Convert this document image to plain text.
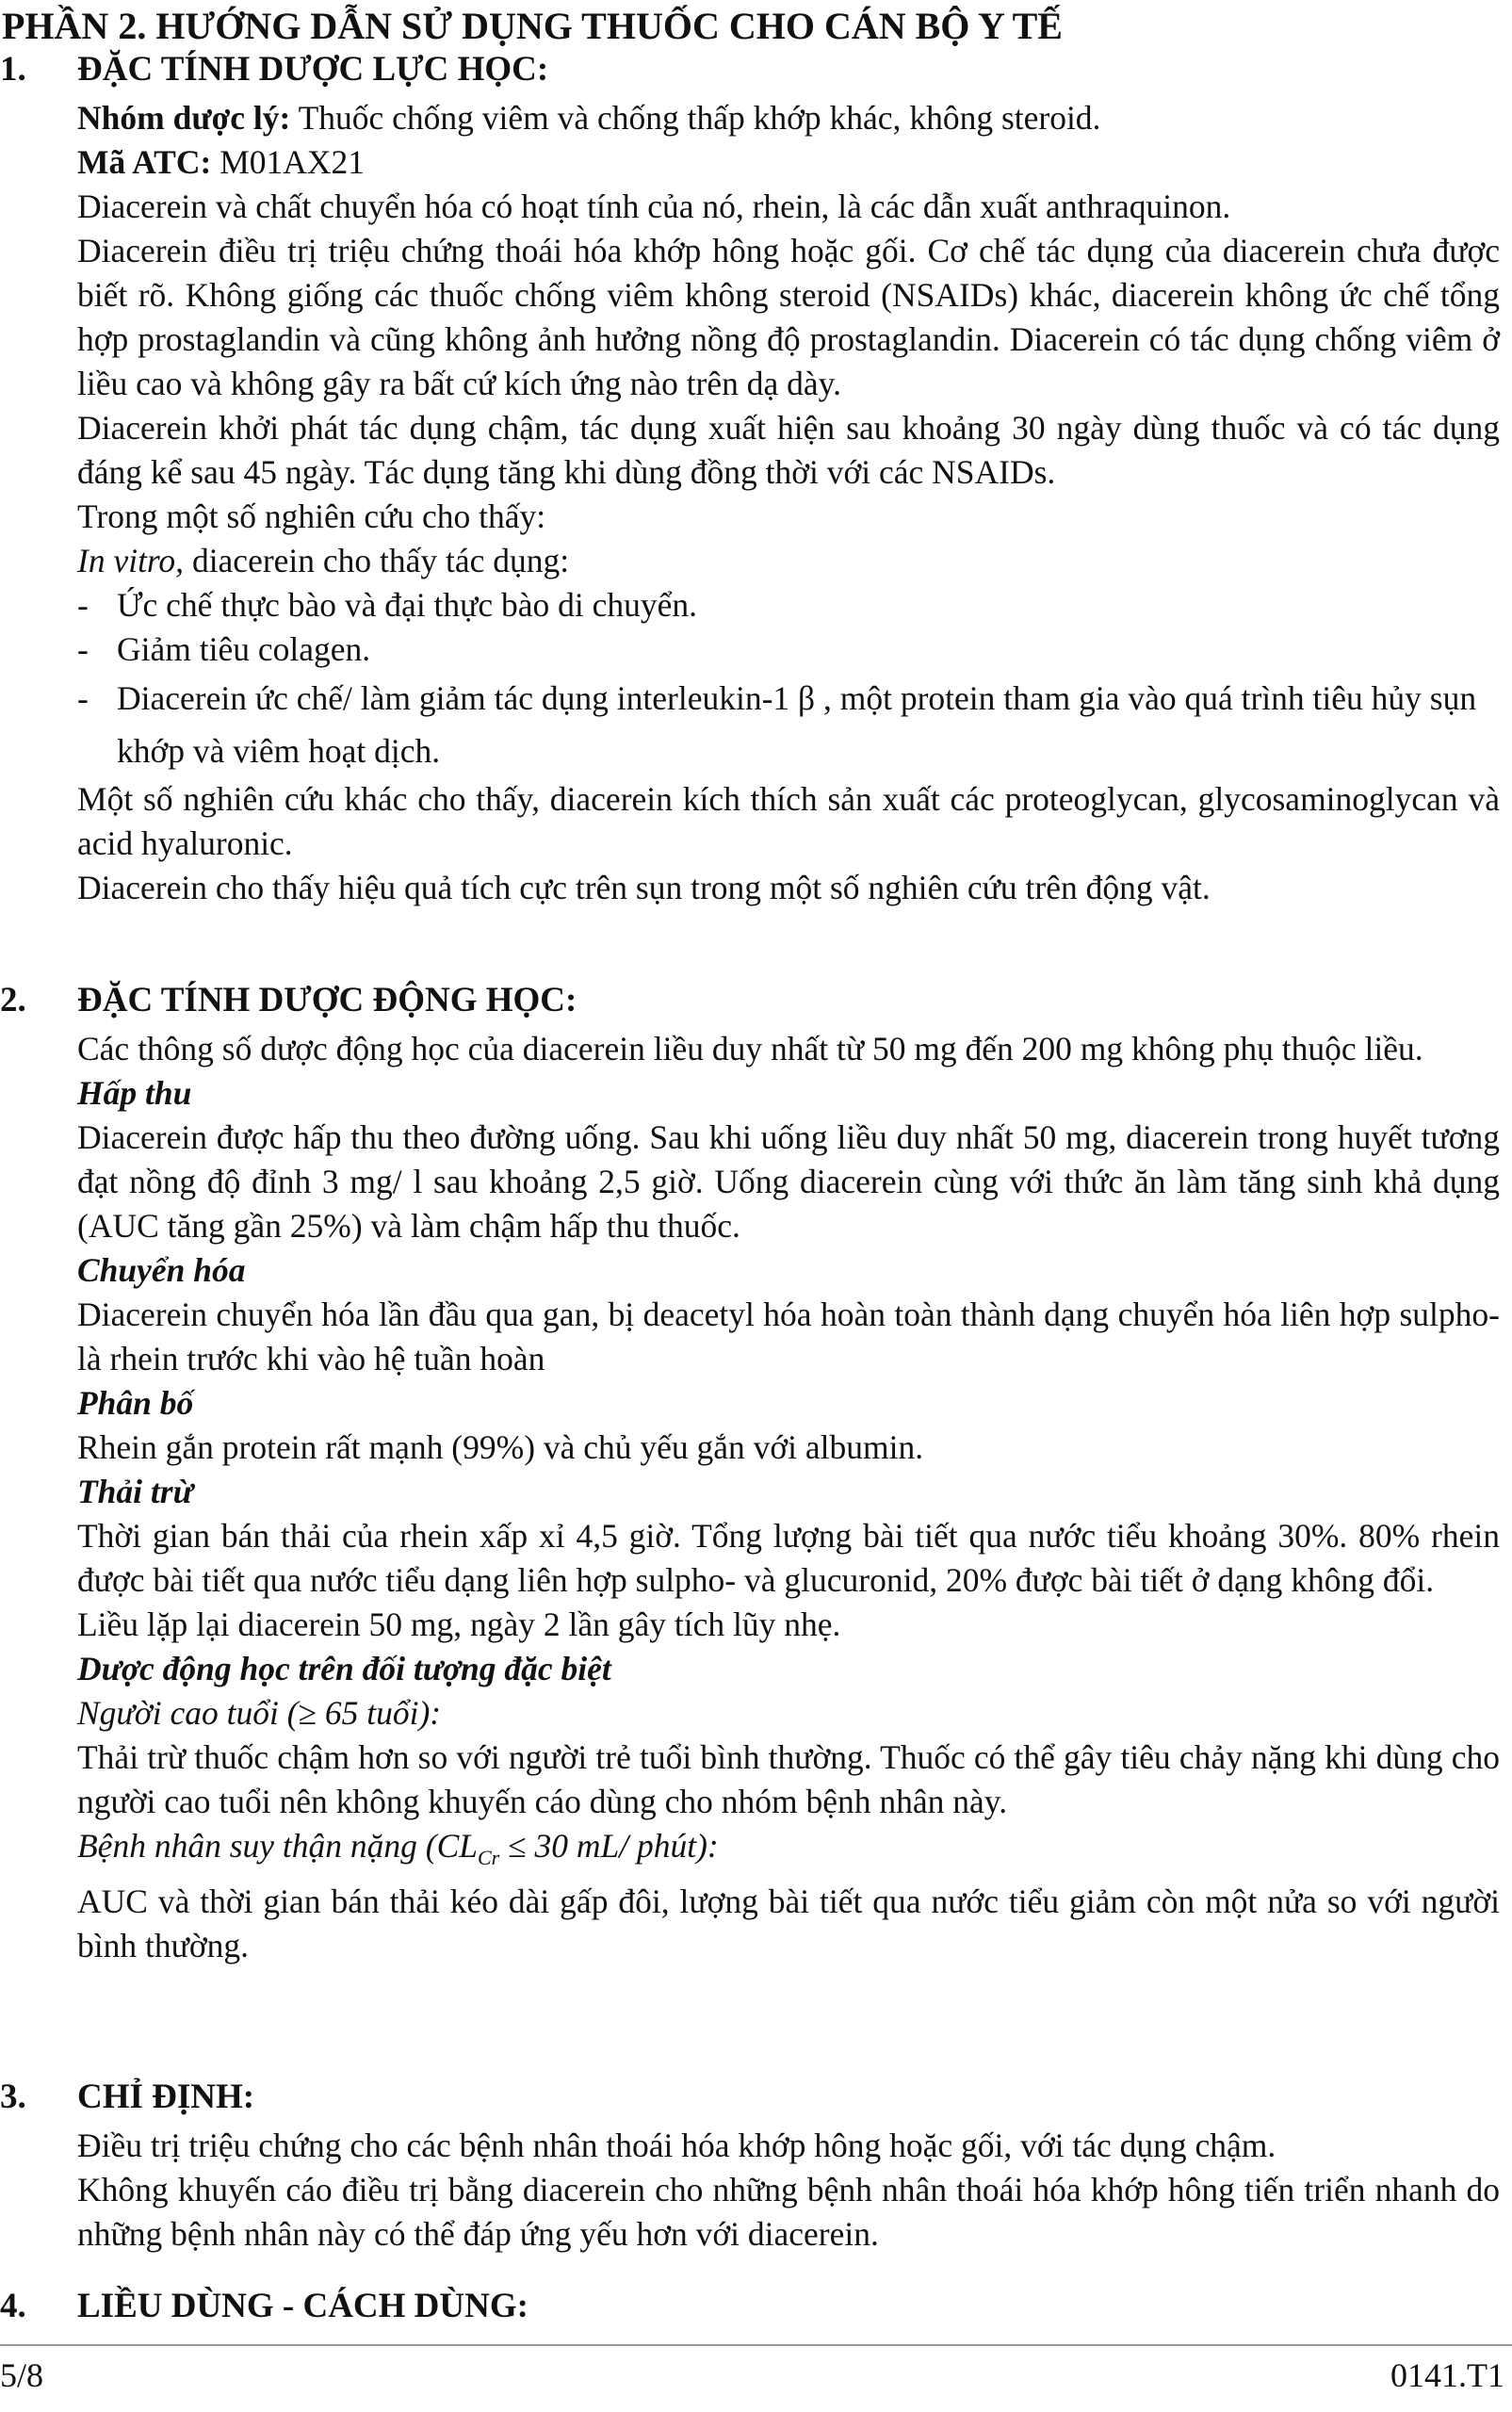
PHẦN 2. HƯỚNG DẪN SỬ DỤNG THUỐC CHO CÁN BỘ Y TẾ
1. ĐẶC TÍNH DƯỢC LỰC HỌC:

Nhóm dược lý: Thuốc chống viêm và chống thấp khớp khác, không steroid.

Mã ATC: M01AX21

Diacerein và chất chuyển hóa có hoạt tính của nó, rhein, là các dẫn xuất anthraquinon.

Diacerein điều trị triệu chứng thoái hóa khớp hông hoặc gối. Cơ chế tác dụng của diacerein chưa được biết rõ. Không giống các thuốc chống viêm không steroid (NSAIDs) khác, diacerein không ức chế tổng hợp prostaglandin và cũng không ảnh hưởng nồng độ prostaglandin. Diacerein có tác dụng chống viêm ở liều cao và không gây ra bất cứ kích ứng nào trên dạ dày.

Diacerein khởi phát tác dụng chậm, tác dụng xuất hiện sau khoảng 30 ngày dùng thuốc và có tác dụng đáng kể sau 45 ngày. Tác dụng tăng khi dùng đồng thời với các NSAIDs.

Trong một số nghiên cứu cho thấy:

In vitro, diacerein cho thấy tác dụng:

- Ức chế thực bào và đại thực bào di chuyển.
- Giảm tiêu colagen.
- Diacerein ức chế/ làm giảm tác dụng interleukin-1 β , một protein tham gia vào quá trình tiêu hủy sụn khớp và viêm hoạt dịch.

Một số nghiên cứu khác cho thấy, diacerein kích thích sản xuất các proteoglycan, glycosaminoglycan và acid hyaluronic.

Diacerein cho thấy hiệu quả tích cực trên sụn trong một số nghiên cứu trên động vật.

2. ĐẶC TÍNH DƯỢC ĐỘNG HỌC:

Các thông số dược động học của diacerein liều duy nhất từ 50 mg đến 200 mg không phụ thuộc liều.

Hấp thu

Diacerein được hấp thu theo đường uống. Sau khi uống liều duy nhất 50 mg, diacerein trong huyết tương đạt nồng độ đỉnh 3 mg/ l sau khoảng 2,5 giờ. Uống diacerein cùng với thức ăn làm tăng sinh khả dụng (AUC tăng gần 25%) và làm chậm hấp thu thuốc.

Chuyển hóa

Diacerein chuyển hóa lần đầu qua gan, bị deacetyl hóa hoàn toàn thành dạng chuyển hóa liên hợp sulpho- là rhein trước khi vào hệ tuần hoàn

Phân bố

Rhein gắn protein rất mạnh (99%) và chủ yếu gắn với albumin.

Thải trừ

Thời gian bán thải của rhein xấp xỉ 4,5 giờ. Tổng lượng bài tiết qua nước tiểu khoảng 30%. 80% rhein được bài tiết qua nước tiểu dạng liên hợp sulpho- và glucuronid, 20% được bài tiết ở dạng không đổi.

Liều lặp lại diacerein 50 mg, ngày 2 lần gây tích lũy nhẹ.

Dược động học trên đối tượng đặc biệt

Người cao tuổi (≥ 65 tuổi):

Thải trừ thuốc chậm hơn so với người trẻ tuổi bình thường. Thuốc có thể gây tiêu chảy nặng khi dùng cho người cao tuổi nên không khuyến cáo dùng cho nhóm bệnh nhân này.

Bệnh nhân suy thận nặng ($CL_{Cr} \le 30$ mL/ phút):

AUC và thời gian bán thải kéo dài gấp đôi, lượng bài tiết qua nước tiểu giảm còn một nửa so với người bình thường.

3. CHỈ ĐỊNH:

Điều trị triệu chứng cho các bệnh nhân thoái hóa khớp hông hoặc gối, với tác dụng chậm.

Không khuyến cáo điều trị bằng diacerein cho những bệnh nhân thoái hóa khớp hông tiến triển nhanh do những bệnh nhân này có thể đáp ứng yếu hơn với diacerein.

4. LIỀU DÙNG - CÁCH DÙNG:
5/8	0141.T1
